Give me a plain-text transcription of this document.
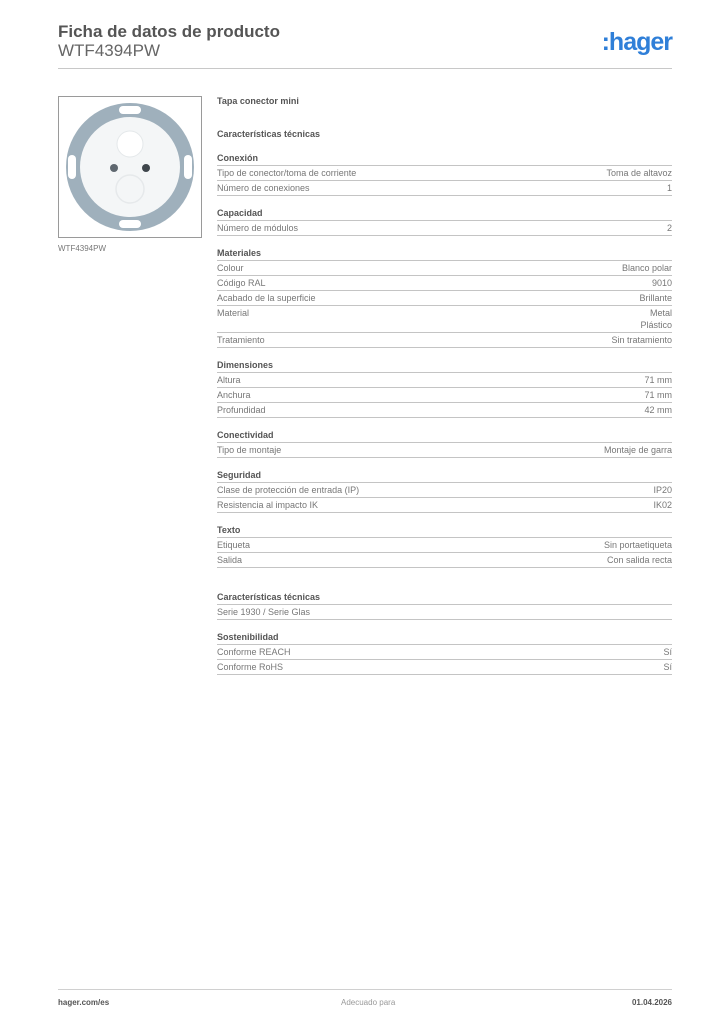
Ficha de datos de producto
WTF4394PW	:hager
WTF4394PW
Tapa conector mini
Características técnicas
Conexión
Tipo de conector/toma de corriente	Toma de altavoz
Número de conexiones	1
Capacidad
Número de módulos	2
Materiales
Colour	Blanco polar
Código RAL	9010
Acabado de la superficie	Brillante
Material	Metal
Plástico
Tratamiento	Sin tratamiento
Dimensiones
Altura	71 mm
Anchura	71 mm
Profundidad	42 mm
Conectividad
Tipo de montaje	Montaje de garra
Seguridad
Clase de protección de entrada (IP)	IP20
Resistencia al impacto IK	IK02
Texto
Etiqueta	Sin portaetiqueta
Salida	Con salida recta
Características técnicas
Serie 1930 / Serie Glas
Sostenibilidad
Conforme REACH	Sí
Conforme RoHS	Sí
hager.com/es	Adecuado para	01.04.2026
